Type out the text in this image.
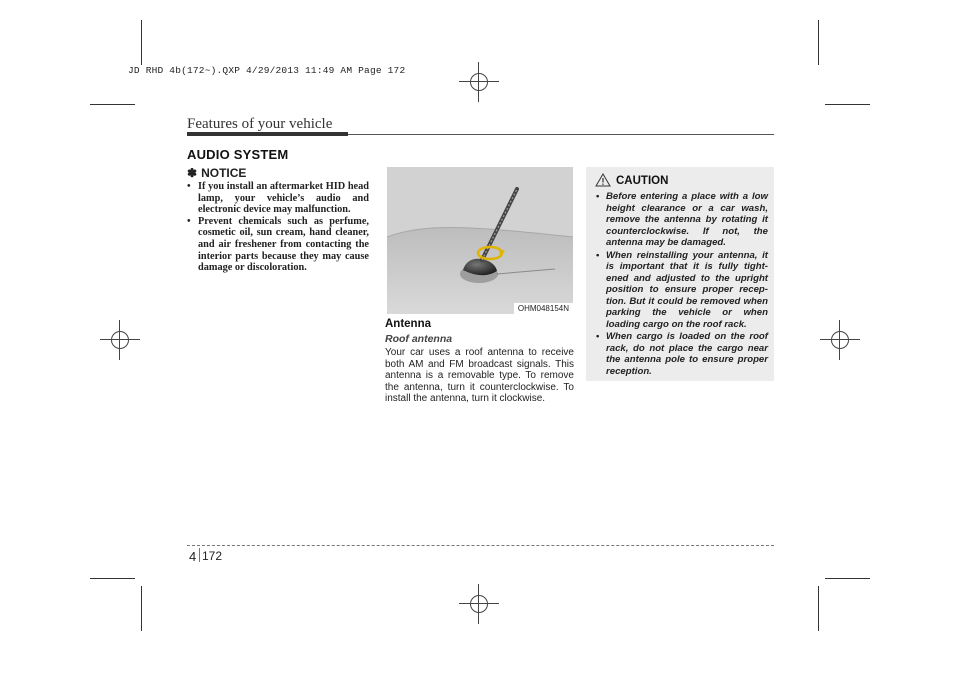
JD RHD 4b(172~).QXP 4/29/2013 11:49 AM Page 172
Features of your vehicle
AUDIO SYSTEM
✽ NOTICE
• If you install an aftermarket HID head lamp, your vehicle’s audio and electronic device may malfunction.
• Prevent chemicals such as perfume, cosmetic oil, sun cream, hand cleaner, and air freshener from contacting the interior parts because they may cause damage or discoloration.
OHM048154N
Antenna
Roof antenna

Your car uses a roof antenna to receive both AM and FM broadcast signals. This antenna is a removable type. To remove the antenna, turn it counterclockwise. To install the antenna, turn it clockwise.

CAUTION
• Before entering a place with a low height clearance or a car wash, remove the antenna by rotating it counterclockwise. If not, the antenna may be damaged.
• When reinstalling your antenna, it is important that it is fully tight-ened and adjusted to the upright position to ensure proper recep-tion. But it could be removed when parking the vehicle or when loading cargo on the roof rack.
• When cargo is loaded on the roof rack, do not place the cargo near the antenna pole to ensure proper reception.
4 172
